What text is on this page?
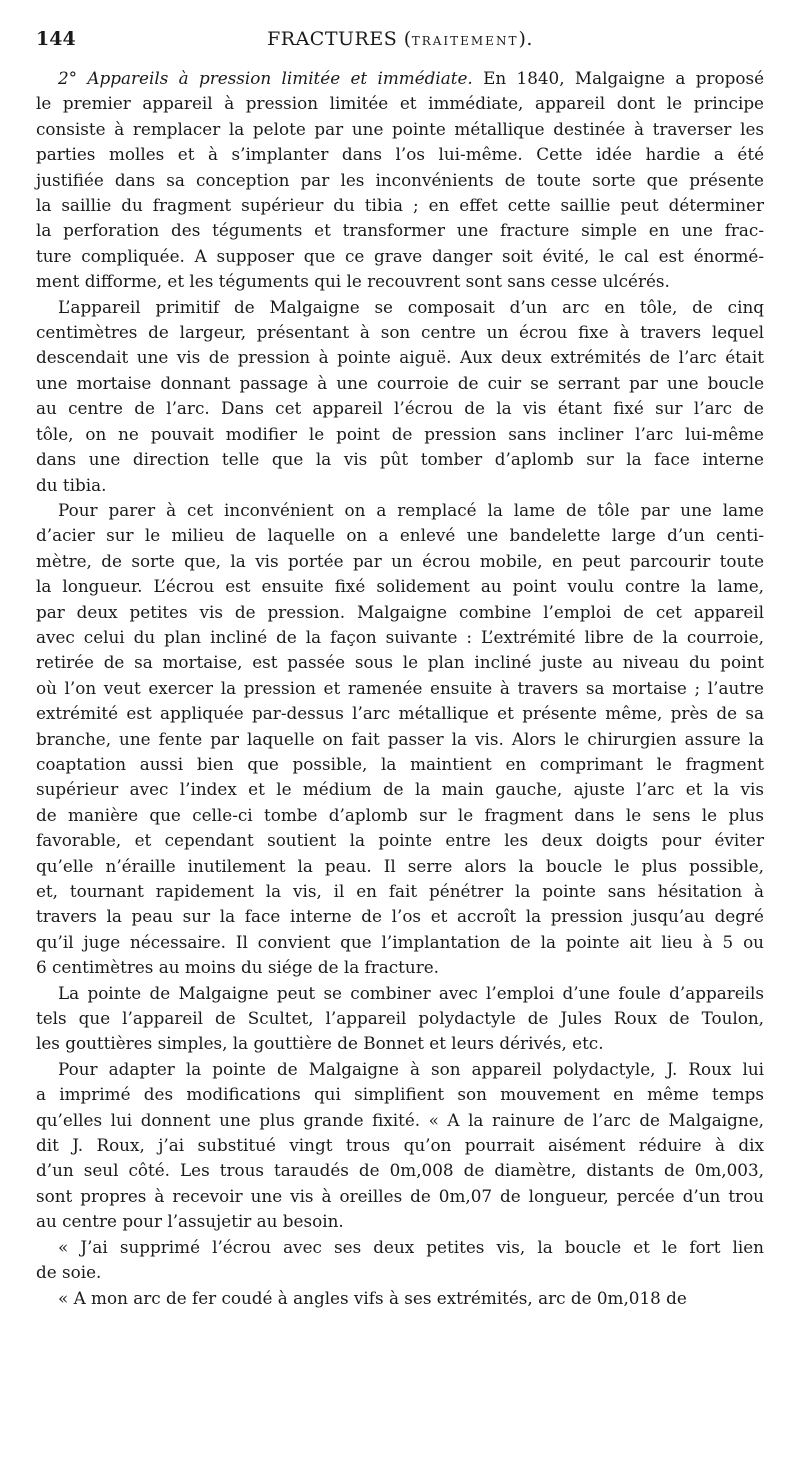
144	FRACTURES (TRAITEMENT).
2° Appareils à pression limitée et immédiate. En 1840, Malgaigne a proposé
le premier appareil à pression limitée et immédiate, appareil dont le principe
consiste à remplacer la pelote par une pointe métallique destinée à traverser les
parties molles et à s’implanter dans l’os lui-même. Cette idée hardie a été
justifiée dans sa conception par les inconvénients de toute sorte que présente
la saillie du fragment supérieur du tibia ; en effet cette saillie peut déterminer
la perforation des téguments et transformer une fracture simple en une frac-
ture compliquée. A supposer que ce grave danger soit évité, le cal est énormé-
ment difforme, et les téguments qui le recouvrent sont sans cesse ulcérés.
L’appareil primitif de Malgaigne se composait d’un arc en tôle, de cinq
centimètres de largeur, présentant à son centre un écrou fixe à travers lequel
descendait une vis de pression à pointe aiguë. Aux deux extrémités de l’arc était
une mortaise donnant passage à une courroie de cuir se serrant par une boucle
au centre de l’arc. Dans cet appareil l’écrou de la vis étant fixé sur l’arc de
tôle, on ne pouvait modifier le point de pression sans incliner l’arc lui-même
dans une direction telle que la vis pût tomber d’aplomb sur la face interne
du tibia.
Pour parer à cet inconvénient on a remplacé la lame de tôle par une lame
d’acier sur le milieu de laquelle on a enlevé une bandelette large d’un centi-
mètre, de sorte que, la vis portée par un écrou mobile, en peut parcourir toute
la longueur. L’écrou est ensuite fixé solidement au point voulu contre la lame,
par deux petites vis de pression. Malgaigne combine l’emploi de cet appareil
avec celui du plan incliné de la façon suivante : L’extrémité libre de la courroie,
retirée de sa mortaise, est passée sous le plan incliné juste au niveau du point
où l’on veut exercer la pression et ramenée ensuite à travers sa mortaise ; l’autre
extrémité est appliquée par-dessus l’arc métallique et présente même, près de sa
branche, une fente par laquelle on fait passer la vis. Alors le chirurgien assure la
coaptation aussi bien que possible, la maintient en comprimant le fragment
supérieur avec l’index et le médium de la main gauche, ajuste l’arc et la vis
de manière que celle-ci tombe d’aplomb sur le fragment dans le sens le plus
favorable, et cependant soutient la pointe entre les deux doigts pour éviter
qu’elle n’éraille inutilement la peau. Il serre alors la boucle le plus possible,
et, tournant rapidement la vis, il en fait pénétrer la pointe sans hésitation à
travers la peau sur la face interne de l’os et accroît la pression jusqu’au degré
qu’il juge nécessaire. Il convient que l’implantation de la pointe ait lieu à 5 ou
6 centimètres au moins du siége de la fracture.
La pointe de Malgaigne peut se combiner avec l’emploi d’une foule d’appareils
tels que l’appareil de Scultet, l’appareil polydactyle de Jules Roux de Toulon,
les gouttières simples, la gouttière de Bonnet et leurs dérivés, etc.
Pour adapter la pointe de Malgaigne à son appareil polydactyle, J. Roux lui
a imprimé des modifications qui simplifient son mouvement en même temps
qu’elles lui donnent une plus grande fixité. « A la rainure de l’arc de Malgaigne,
dit J. Roux, j’ai substitué vingt trous qu’on pourrait aisément réduire à dix
d’un seul côté. Les trous taraudés de 0m,008 de diamètre, distants de 0m,003,
sont propres à recevoir une vis à oreilles de 0m,07 de longueur, percée d’un trou
au centre pour l’assujetir au besoin.
« J’ai supprimé l’écrou avec ses deux petites vis, la boucle et le fort lien
de soie.
« A mon arc de fer coudé à angles vifs à ses extrémités, arc de 0m,018 de
